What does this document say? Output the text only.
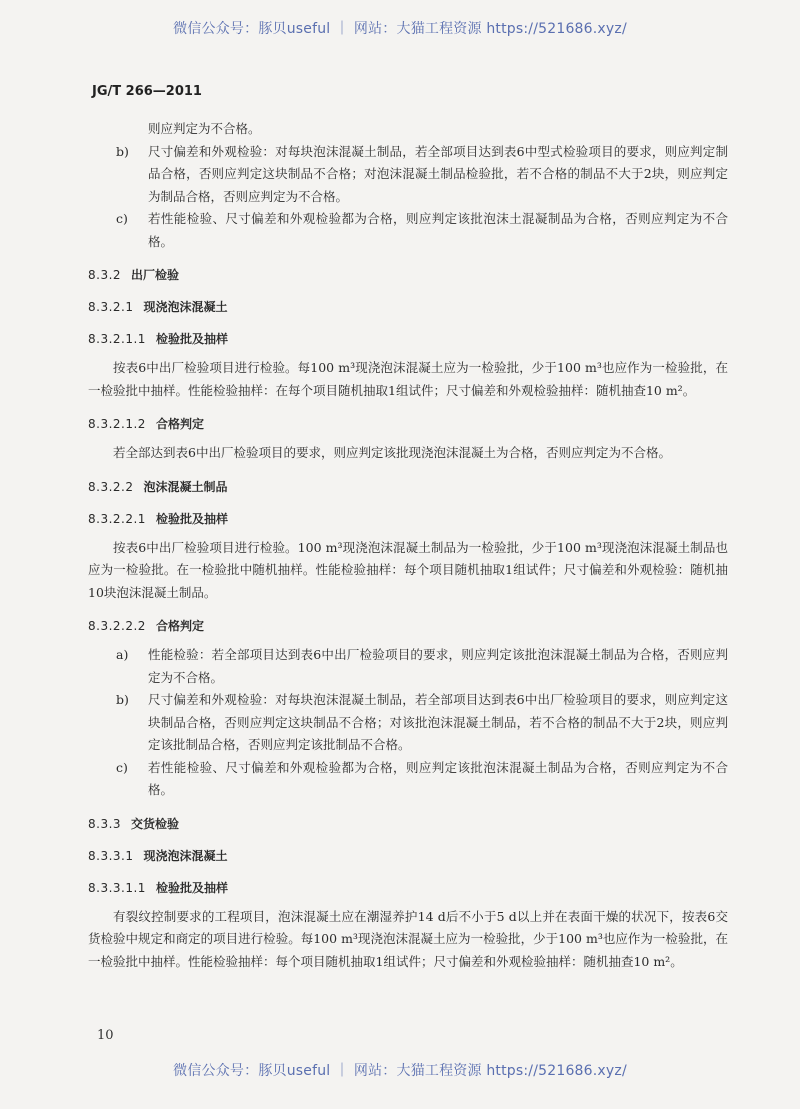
微信公众号：豚贝useful ｜ 网站：大猫工程资源 https://521686.xyz/
JG/T 266—2011

则应判定为不合格。

b)	尺寸偏差和外观检验：对每块泡沫混凝土制品，若全部项目达到表6中型式检验项目的要求，则应判定制品合格，否则应判定这块制品不合格；对泡沫混凝土制品检验批，若不合格的制品不大于2块，则应判定为制品合格，否则应判定为不合格。
c)	若性能检验、尺寸偏差和外观检验都为合格，则应判定该批泡沫土混凝制品为合格，否则应判定为不合格。
8.3.2 出厂检验
8.3.2.1 现浇泡沫混凝土
8.3.2.1.1 检验批及抽样

按表6中出厂检验项目进行检验。每100 m³现浇泡沫混凝土应为一检验批，少于100 m³也应作为一检验批，在一检验批中抽样。性能检验抽样：在每个项目随机抽取1组试件；尺寸偏差和外观检验抽样：随机抽查10 m²。

8.3.2.1.2 合格判定

若全部达到表6中出厂检验项目的要求，则应判定该批现浇泡沫混凝土为合格，否则应判定为不合格。

8.3.2.2 泡沫混凝土制品
8.3.2.2.1 检验批及抽样

按表6中出厂检验项目进行检验。100 m³现浇泡沫混凝土制品为一检验批，少于100 m³现浇泡沫混凝土制品也应为一检验批。在一检验批中随机抽样。性能检验抽样：每个项目随机抽取1组试件；尺寸偏差和外观检验：随机抽10块泡沫混凝土制品。

8.3.2.2.2 合格判定
a)	性能检验：若全部项目达到表6中出厂检验项目的要求，则应判定该批泡沫混凝土制品为合格，否则应判定为不合格。
b)	尺寸偏差和外观检验：对每块泡沫混凝土制品，若全部项目达到表6中出厂检验项目的要求，则应判定这块制品合格，否则应判定这块制品不合格；对该批泡沫混凝土制品，若不合格的制品不大于2块，则应判定该批制品合格，否则应判定该批制品不合格。
c)	若性能检验、尺寸偏差和外观检验都为合格，则应判定该批泡沫混凝土制品为合格，否则应判定为不合格。
8.3.3 交货检验
8.3.3.1 现浇泡沫混凝土
8.3.3.1.1 检验批及抽样

有裂纹控制要求的工程项目，泡沫混凝土应在潮湿养护14 d后不小于5 d以上并在表面干燥的状况下，按表6交货检验中规定和商定的项目进行检验。每100 m³现浇泡沫混凝土应为一检验批，少于100 m³也应作为一检验批，在一检验批中抽样。性能检验抽样：每个项目随机抽取1组试件；尺寸偏差和外观检验抽样：随机抽查10 m²。

10
微信公众号：豚贝useful ｜ 网站：大猫工程资源 https://521686.xyz/
